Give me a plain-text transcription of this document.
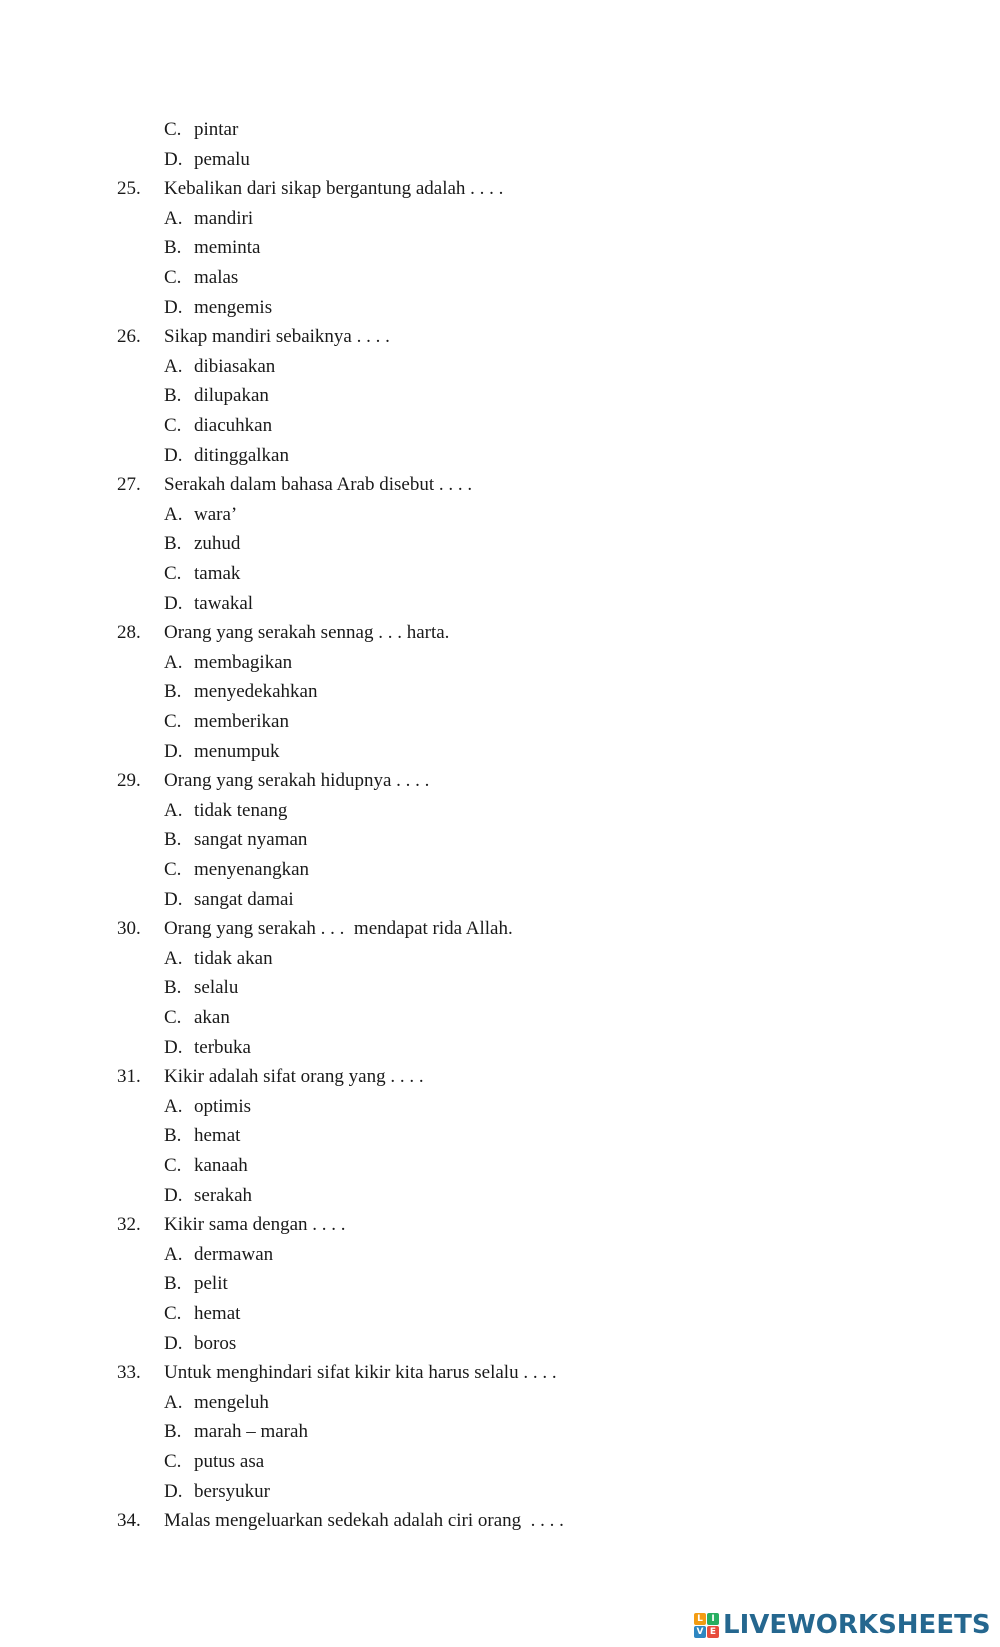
C. pintar
D. pemalu
25. Kebalikan dari sikap bergantung adalah . . . .
A. mandiri
B. meminta
C. malas
D. mengemis
26. Sikap mandiri sebaiknya . . . .
A. dibiasakan
B. dilupakan
C. diacuhkan
D. ditinggalkan
27. Serakah dalam bahasa Arab disebut . . . .
A. wara’
B. zuhud
C. tamak
D. tawakal
28. Orang yang serakah sennag . . . harta.
A. membagikan
B. menyedekahkan
C. memberikan
D. menumpuk
29. Orang yang serakah hidupnya . . . .
A. tidak tenang
B. sangat nyaman
C. menyenangkan
D. sangat damai
30. Orang yang serakah . . .  mendapat rida Allah.
A. tidak akan
B. selalu
C. akan
D. terbuka
31. Kikir adalah sifat orang yang . . . .
A. optimis
B. hemat
C. kanaah
D. serakah
32. Kikir sama dengan . . . .
A. dermawan
B. pelit
C. hemat
D. boros
33. Untuk menghindari sifat kikir kita harus selalu . . . .
A. mengeluh
B. marah – marah
C. putus asa
D. bersyukur
34. Malas mengeluarkan sedekah adalah ciri orang  . . . .
L I
V E LIVEWORKSHEETS
